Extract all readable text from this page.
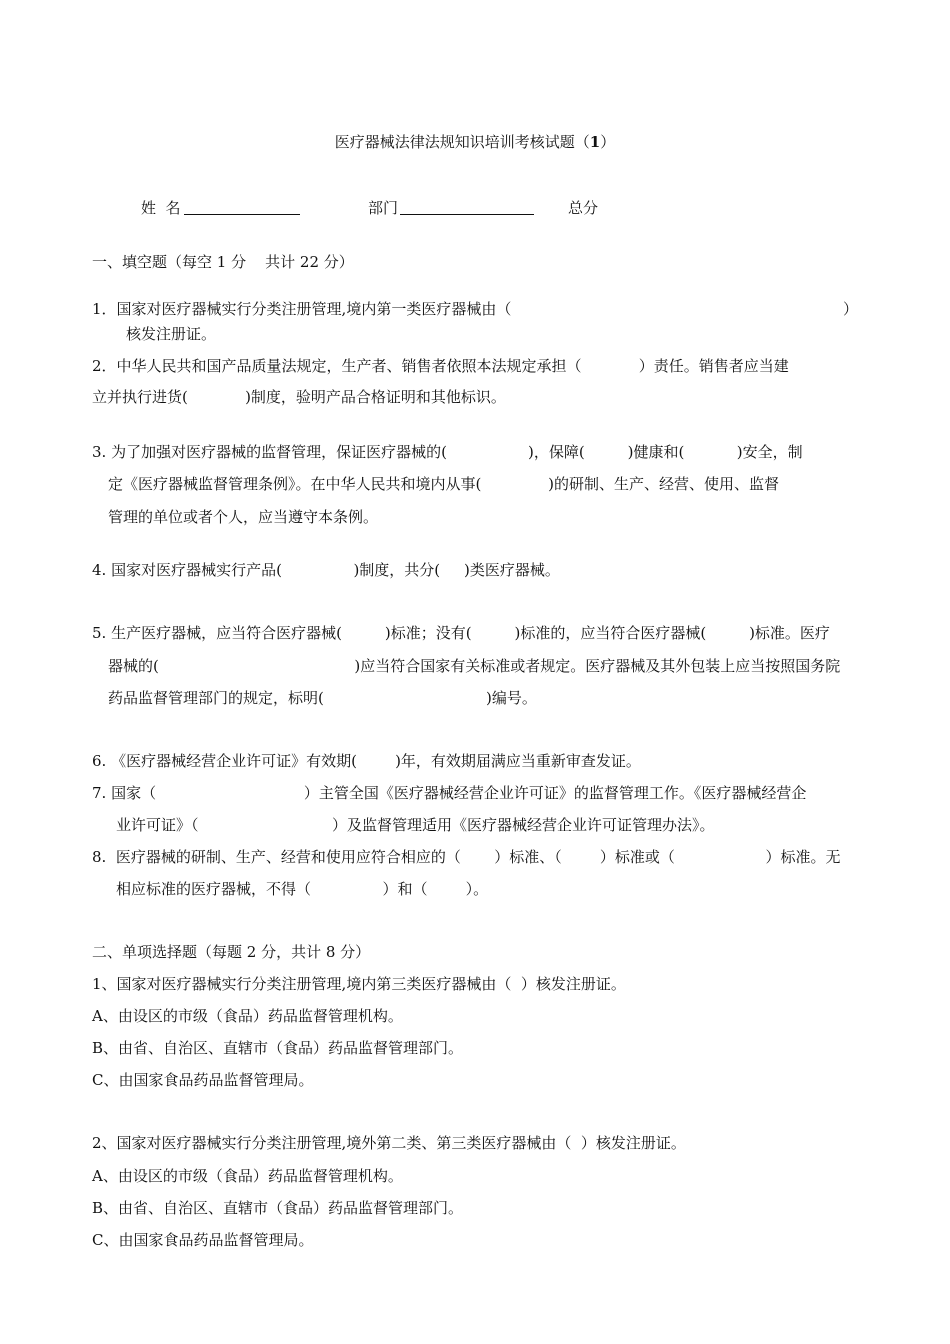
医疗器械法律法规知识培训考核试题（1）
姓  名	部门	总分
一、填空题（每空 1 分    共计 22 分）
1．国家对医疗器械实行分类注册管理,境内第一类医疗器械由（	）
核发注册证。
2．中华人民共和国产品质量法规定，生产者、销售者依照本法规定承担（            ）责任。销售者应当建
立并执行进货(            )制度，验明产品合格证明和其他标识。
3. 为了加强对医疗器械的监督管理，保证医疗器械的(                 )，保障(         )健康和(           )安全，制
定《医疗器械监督管理条例》。在中华人民共和境内从事(              )的研制、生产、经营、使用、监督
管理的单位或者个人，应当遵守本条例。
4. 国家对医疗器械实行产品(               )制度，共分(     )类医疗器械。
5. 生产医疗器械，应当符合医疗器械(         )标准；没有(         )标准的，应当符合医疗器械(         )标准。医疗
器械的(                                         )应当符合国家有关标准或者规定。医疗器械及其外包装上应当按照国务院
药品监督管理部门的规定，标明(                                  )编号。
6. 《医疗器械经营企业许可证》有效期(        )年，有效期届满应当重新审查发证。
7. 国家（                               ）主管全国《医疗器械经营企业许可证》的监督管理工作。《医疗器械经营企
业许可证》（                            ）及监督管理适用《医疗器械经营企业许可证管理办法》。
8.  医疗器械的研制、生产、经营和使用应符合相应的（       ）标准、（        ）标准或（                   ）标准。无
相应标准的医疗器械，不得（               ）和（        ）。
二、单项选择题（每题 2 分，共计 8 分）
1、国家对医疗器械实行分类注册管理,境内第三类医疗器械由（  ）核发注册证。
A、由设区的市级（食品）药品监督管理机构。
B、由省、自治区、直辖市（食品）药品监督管理部门。
C、由国家食品药品监督管理局。
2、国家对医疗器械实行分类注册管理,境外第二类、第三类医疗器械由（  ）核发注册证。
A、由设区的市级（食品）药品监督管理机构。
B、由省、自治区、直辖市（食品）药品监督管理部门。
C、由国家食品药品监督管理局。
